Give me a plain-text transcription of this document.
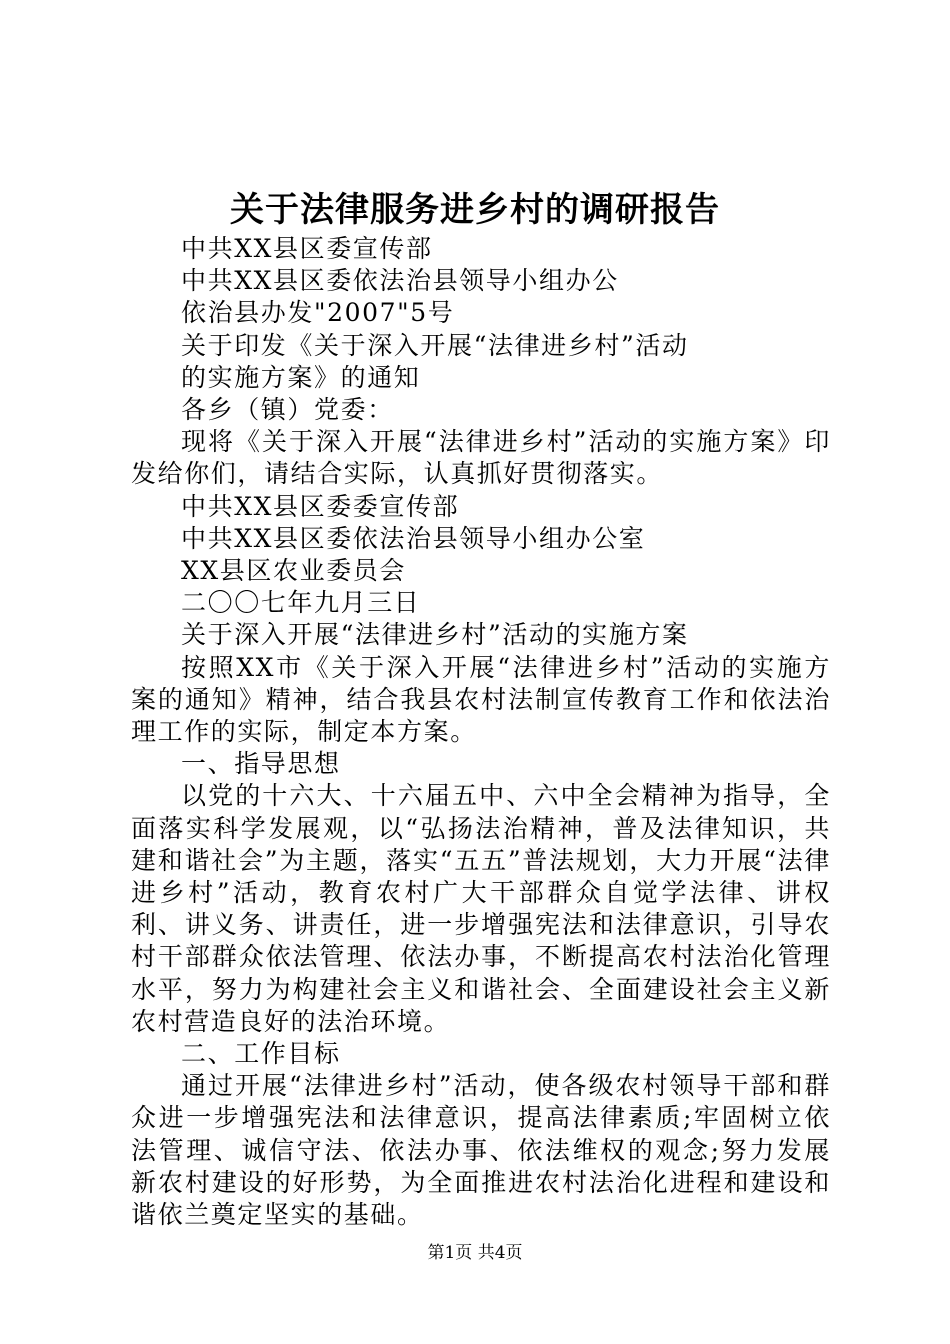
关于法律服务进乡村的调研报告

中共XX县区委宣传部

中共XX县区委依法治县领导小组办公

依治县办发"2007"5号

关于印发《关于深入开展“法律进乡村”活动

的实施方案》的通知

各乡（镇）党委：

现将《关于深入开展“法律进乡村”活动的实施方案》印发给你们，请结合实际，认真抓好贯彻落实。

中共XX县区委委宣传部

中共XX县区委依法治县领导小组办公室

XX县区农业委员会

二〇〇七年九月三日

关于深入开展“法律进乡村”活动的实施方案

按照XX市《关于深入开展“法律进乡村”活动的实施方案的通知》精神，结合我县农村法制宣传教育工作和依法治理工作的实际，制定本方案。

一、指导思想

以党的十六大、十六届五中、六中全会精神为指导，全面落实科学发展观，以“弘扬法治精神，普及法律知识，共建和谐社会”为主题，落实“五五”普法规划，大力开展“法律进乡村”活动，教育农村广大干部群众自觉学法律、讲权利、讲义务、讲责任，进一步增强宪法和法律意识，引导农村干部群众依法管理、依法办事，不断提高农村法治化管理水平，努力为构建社会主义和谐社会、全面建设社会主义新农村营造良好的法治环境。

二、工作目标

通过开展“法律进乡村”活动，使各级农村领导干部和群众进一步增强宪法和法律意识，提高法律素质;牢固树立依法管理、诚信守法、依法办事、依法维权的观念;努力发展新农村建设的好形势，为全面推进农村法治化进程和建设和谐依兰奠定坚实的基础。

第1页 共4页
